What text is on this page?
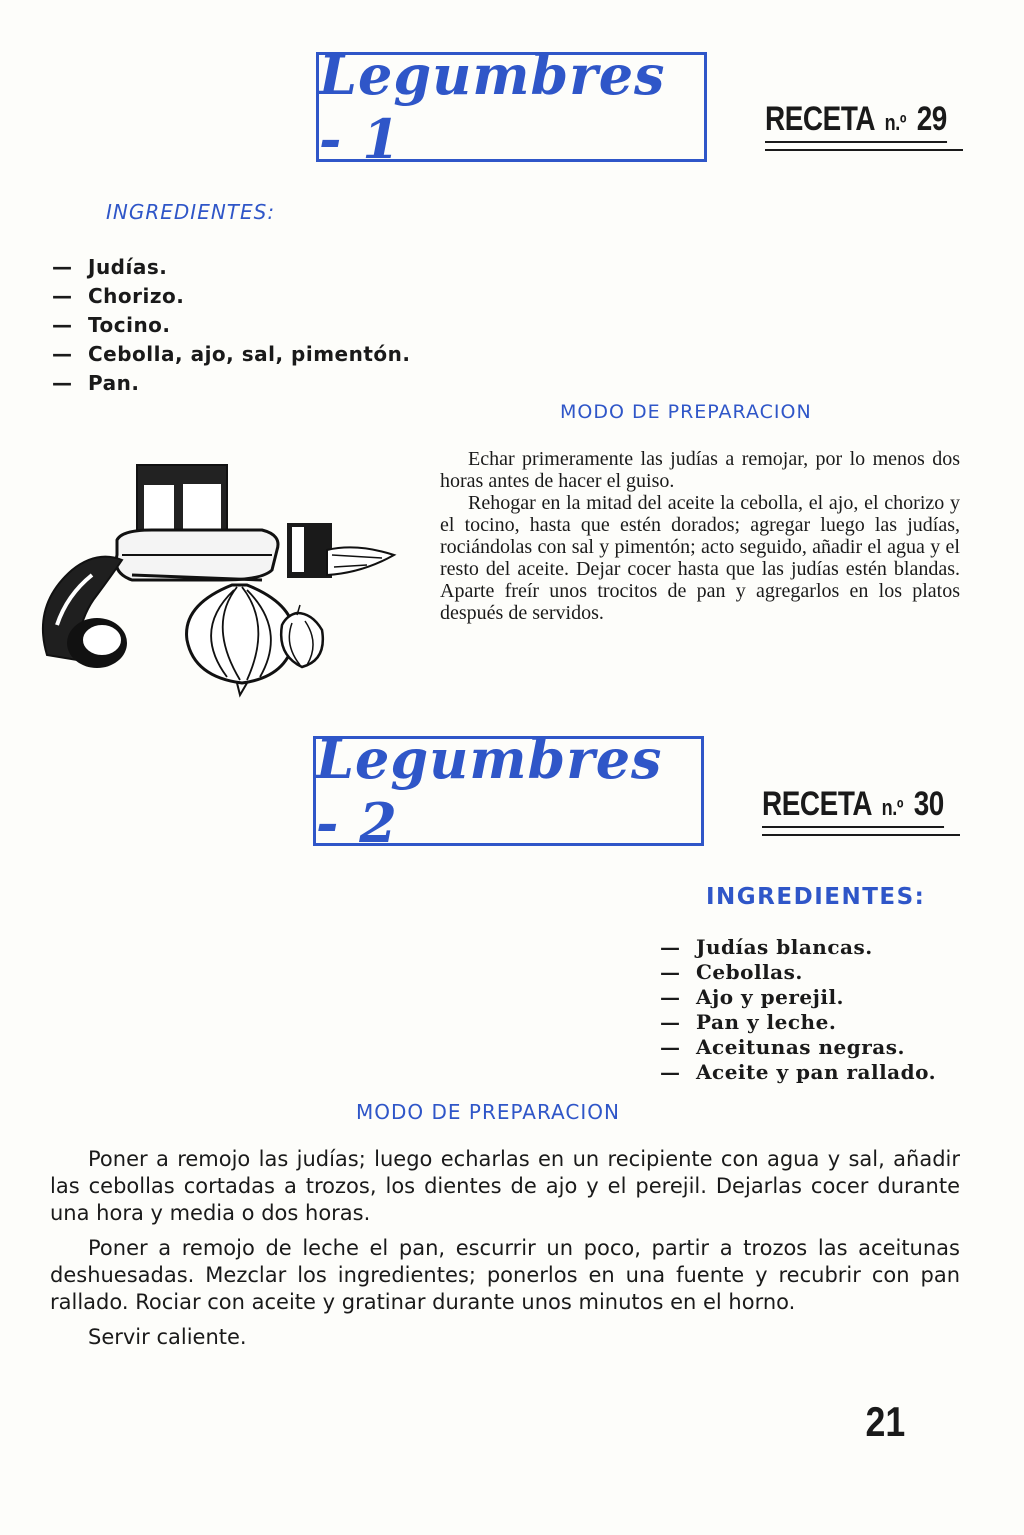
Legumbres - 1	RECETA n.º 29
INGREDIENTES:
— Judías.
— Chorizo.
— Tocino.
— Cebolla, ajo, sal, pimentón.
— Pan.
MODO DE PREPARACION

Echar primeramente las judías a remojar, por lo menos dos horas antes de hacer el guiso.

Rehogar en la mitad del aceite la cebolla, el ajo, el chorizo y el tocino, hasta que estén dorados; agregar luego las judías, rociándolas con sal y pimentón; acto seguido, añadir el agua y el resto del aceite. Dejar cocer hasta que las judías estén blandas. Aparte freír unos trocitos de pan y agregarlos en los platos después de servidos.

Legumbres - 2	RECETA n.º 30
INGREDIENTES:
— Judías blancas.
— Cebollas.
— Ajo y perejil.
— Pan y leche.
— Aceitunas negras.
— Aceite y pan rallado.
MODO DE PREPARACION

Poner a remojo las judías; luego echarlas en un recipiente con agua y sal, añadir las cebollas cortadas a trozos, los dientes de ajo y el perejil. Dejarlas cocer durante una hora y media o dos horas.

Poner a remojo de leche el pan, escurrir un poco, partir a trozos las aceitunas deshuesadas. Mezclar los ingredientes; ponerlos en una fuente y recubrir con pan rallado. Rociar con aceite y gratinar durante unos minutos en el horno.

Servir caliente.

21
